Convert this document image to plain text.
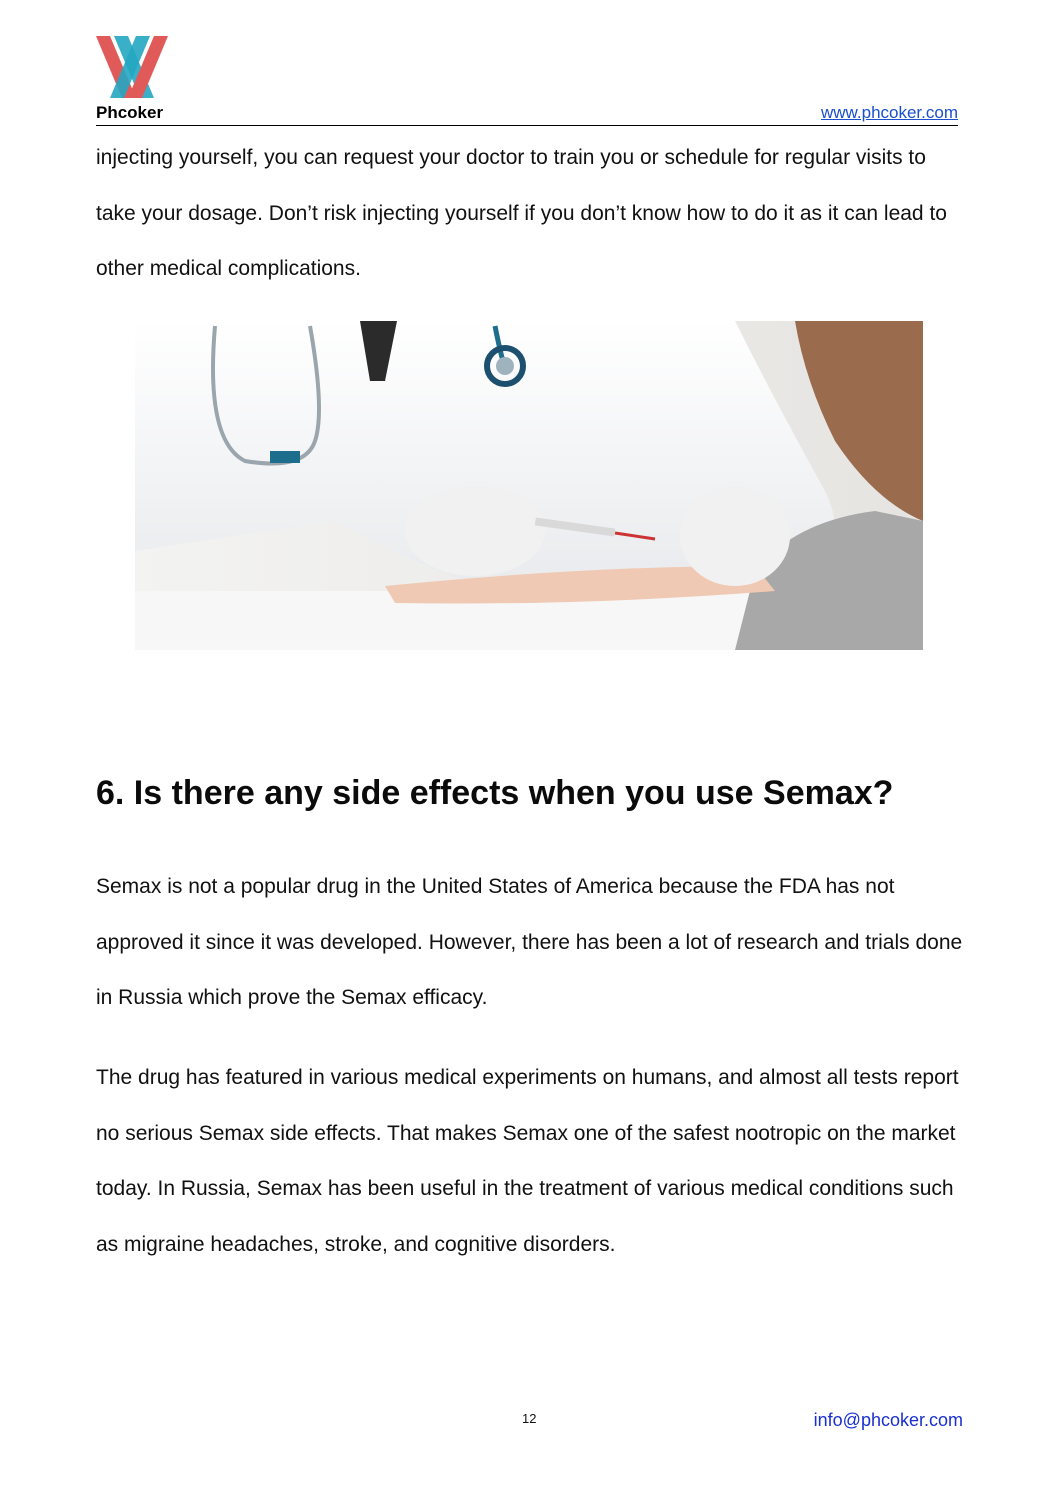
Phcoker	www.phcoker.com

injecting yourself, you can request your doctor to train you or schedule for regular visits to take your dosage. Don’t risk injecting yourself if you don’t know how to do it as it can lead to other medical complications.

6. Is there any side effects when you use Semax?

Semax is not a popular drug in the United States of America because the FDA has not approved it since it was developed. However, there has been a lot of research and trials done in Russia which prove the Semax efficacy.

The drug has featured in various medical experiments on humans, and almost all tests report no serious Semax side effects. That makes Semax one of the safest nootropic on the market today. In Russia, Semax has been useful in the treatment of various medical conditions such as migraine headaches, stroke, and cognitive disorders.

12	info@phcoker.com
